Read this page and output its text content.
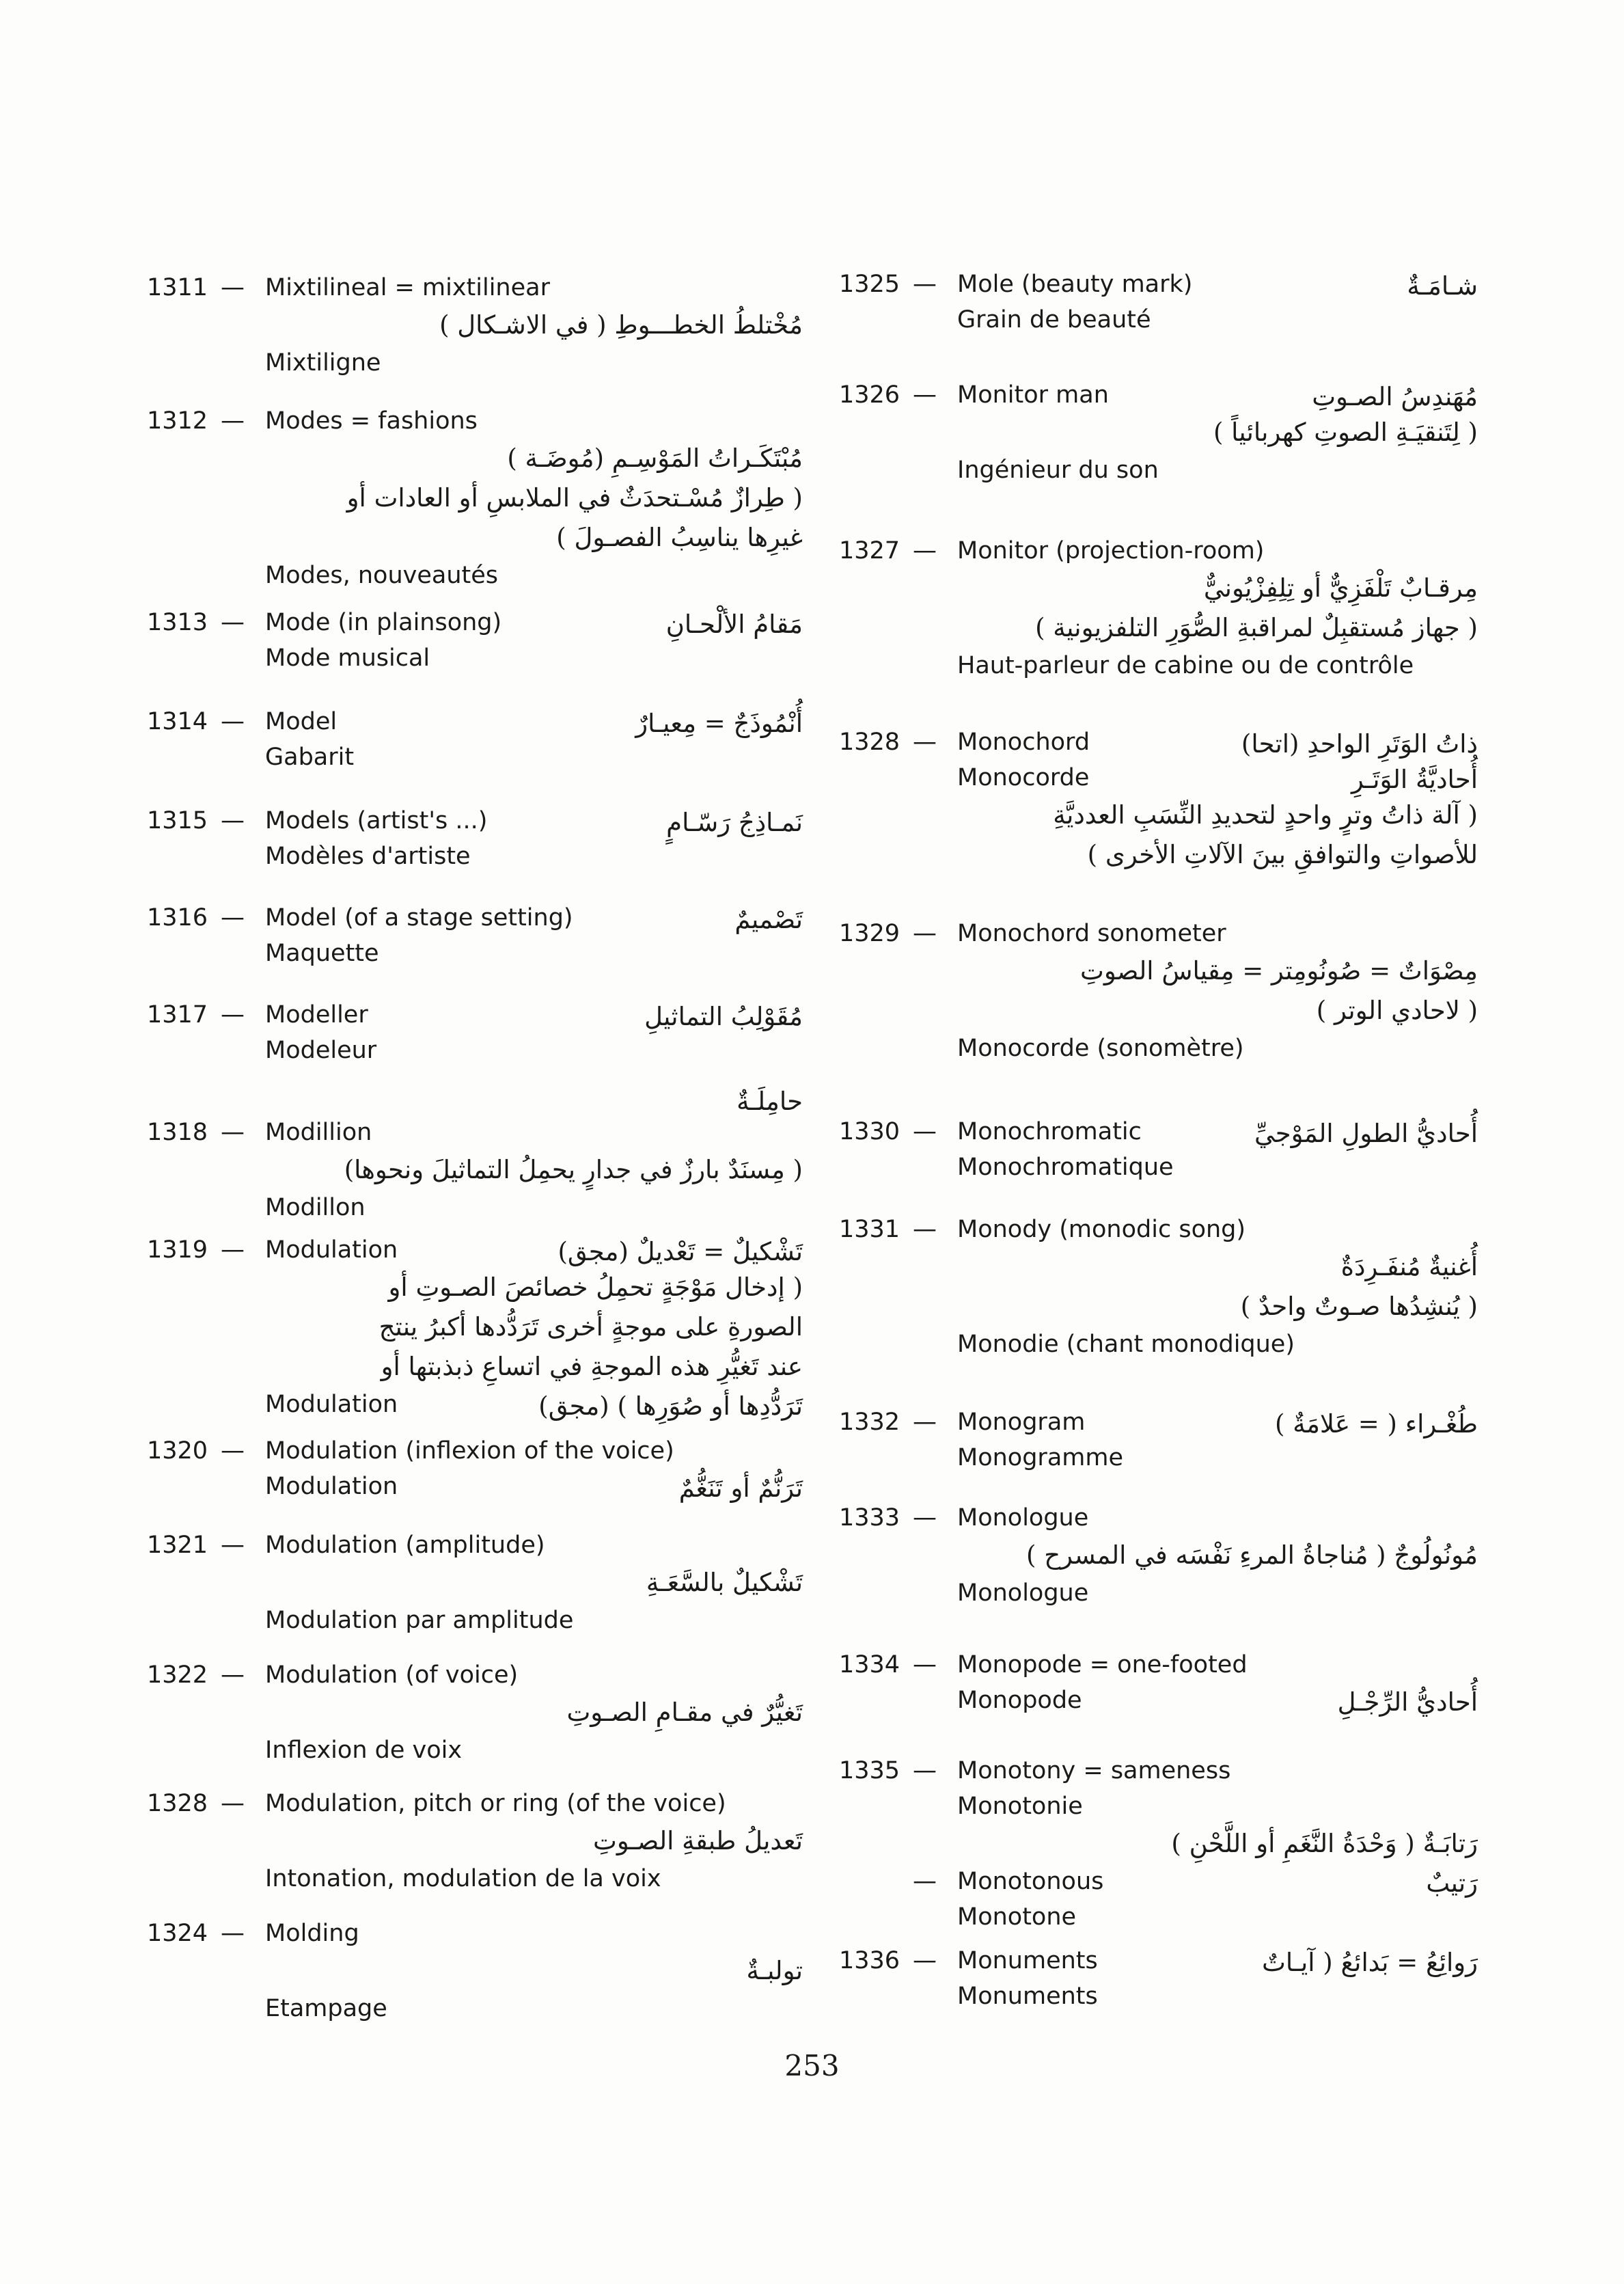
1311 — Mixtilineal = mixtilinear
مُخْتلطُ الخطـــوطِ ( في الاشـكال )
Mixtiligne
1312 — Modes = fashions
مُبْتَكَـراتُ المَوْسِـمِ (مُوضَـة )
( طِرازٌ مُسْـتحدَثٌ في الملابسِ أو العادات أو
غيرِها يناسِبُ الفصـولَ )
Modes, nouveautés
1313 — Mode (in plainsong)	مَقامُ الألْحـانِ
Mode musical
1314 — Model	أُنْمُوذَجٌ = مِعيـارٌ
Gabarit
1315 — Models (artist's ...)	نَمـاذِجُ رَسّـامٍ
Modèles d'artiste
1316 — Model (of a stage setting)	تَصْميمٌ
Maquette
1317 — Modeller	مُقَوْلِبُ التماثيلِ
Modeleur
حامِلَـةٌ
1318 — Modillion
( مِسنَدٌ بارزٌ في جدارٍ يحمِلُ التماثيلَ ونحوها)
Modillon
1319 — Modulation	تَشْكيلٌ = تَعْديلٌ (مجق)
( إدخال مَوْجَةٍ تحمِلُ خصائصَ الصـوتِ أو
الصورةِ على موجةٍ أخرى تَرَدُّدها أكبرُ ينتج
عند تَغيُّرِ هذه الموجةِ في اتساعِ ذبذبتها أو
Modulation	تَرَدُّدِها أو صُوَرِها ) (مجق)
1320 — Modulation (inflexion of the voice)
Modulation	تَرَنُّمٌ أو تَنَغُّمٌ
1321 — Modulation (amplitude)
تَشْكيلٌ بالسَّعَـةِ
Modulation par amplitude
1322 — Modulation (of voice)
تَغيُّرٌ في مقـامِ الصـوتِ
Inflexion de voix
1328 — Modulation, pitch or ring (of the voice)
تَعديلُ طبقةِ الصـوتِ
Intonation, modulation de la voix
1324 — Molding
تولبـةٌ
Etampage
1325 — Mole (beauty mark)	شـامَـةٌ
Grain de beauté
1326 — Monitor man	مُهَندِسُ الصـوتِ
( لِتَنقيَـةِ الصوتِ كهربائياً )
Ingénieur du son
1327 — Monitor (projection-room)
مِرقـابٌ تَلْفَزِيٌّ أو تِلِفِزْيُونيٌّ
( جهاز مُستقبِلٌ لمراقبةِ الصُّوَرِ التلفزيونية )
Haut-parleur de cabine ou de contrôle
1328 — Monochord	ذاتُ الوَتَرِ الواحدِ (اتحا)
Monocorde	أُحاديَّةُ الوَتَـرِ
( آلة ذاتُ وترٍ واحدٍ لتحديدِ النِّسَبِ العدديَّةِ
للأصواتِ والتوافقِ بينَ الآلاتِ الأخرى )
1329 — Monochord sonometer
مِصْوَاتٌ = صُونُومِتر = مِقياسُ الصوتِ
( لاحادي الوتر )
Monocorde (sonomètre)
1330 — Monochromatic	أُحاديُّ الطولِ المَوْجيِّ
Monochromatique
1331 — Monody (monodic song)
أُغنيةٌ مُنفَـرِدَةٌ
( يُنشِدُها صـوتٌ واحدٌ )
Monodie (chant monodique)
1332 — Monogram	طُغْـراء ( = عَلامَةٌ )
Monogramme
1333 — Monologue
مُونُولُوجٌ ( مُناجاةُ المرءِ نَفْسَه في المسرح )
Monologue
1334 — Monopode = one-footed
Monopode	أُحاديُّ الرِّجْـلِ
1335 — Monotony = sameness
Monotonie
رَتابَـةٌ ( وَحْدَةُ النَّغَمِ أو اللَّحْنِ )
— Monotonous	رَتيبٌ
Monotone
1336 — Monuments	رَوائِعُ = بَدائعُ ( آيـاتٌ
Monuments
253
